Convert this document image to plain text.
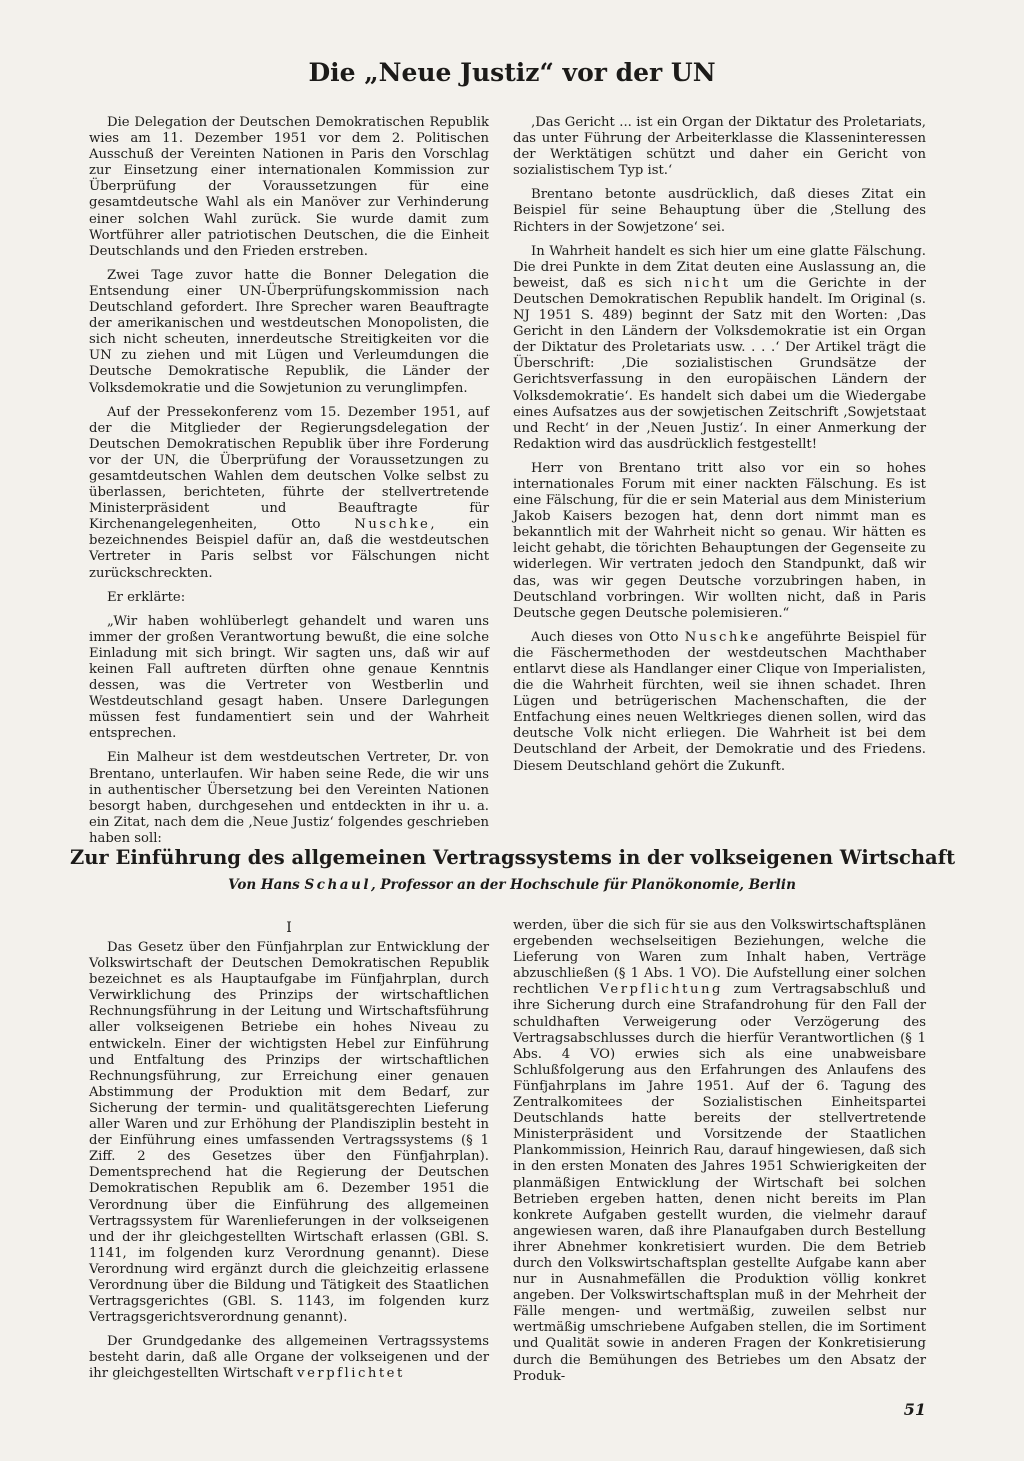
Die „Neue Justiz“ vor der UN

Die Delegation der Deutschen Demokratischen Republik wies am 11. Dezember 1951 vor dem 2. Politischen Ausschuß der Vereinten Nationen in Paris den Vorschlag zur Einsetzung einer internationalen Kommission zur Überprüfung der Voraussetzungen für eine gesamtdeutsche Wahl als ein Manöver zur Verhinderung einer solchen Wahl zurück. Sie wurde damit zum Wortführer aller patriotischen Deutschen, die die Einheit Deutschlands und den Frieden erstreben.

Zwei Tage zuvor hatte die Bonner Delegation die Entsendung einer UN-Überprüfungskommission nach Deutschland gefordert. Ihre Sprecher waren Beauftragte der amerikanischen und westdeutschen Monopolisten, die sich nicht scheuten, innerdeutsche Streitigkeiten vor die UN zu ziehen und mit Lügen und Verleumdungen die Deutsche Demokratische Republik, die Länder der Volksdemokratie und die Sowjetunion zu verunglimpfen.

Auf der Pressekonferenz vom 15. Dezember 1951, auf der die Mitglieder der Regierungsdelegation der Deutschen Demokratischen Republik über ihre Forderung vor der UN, die Überprüfung der Voraussetzungen zu gesamtdeutschen Wahlen dem deutschen Volke selbst zu überlassen, berichteten, führte der stellvertretende Ministerpräsident und Beauftragte für Kirchenangelegenheiten, Otto	Nuschke, ein bezeichnendes Beispiel dafür an, daß die westdeutschen Vertreter in Paris selbst vor Fälschungen nicht zurückschreckten.

Er erklärte:

„Wir haben wohlüberlegt gehandelt und waren uns immer der großen Verantwortung bewußt, die eine solche Einladung mit sich bringt. Wir sagten uns, daß wir auf keinen Fall auftreten dürften ohne genaue Kenntnis dessen, was die Vertreter von Westberlin und Westdeutschland gesagt haben. Unsere Darlegungen müssen fest fundamentiert sein und der Wahrheit entsprechen.

Ein Malheur ist dem westdeutschen Vertreter, Dr. von Brentano, unterlaufen. Wir haben seine Rede, die wir uns in authentischer Übersetzung bei den Vereinten Nationen besorgt haben, durchgesehen und entdeckten in ihr u. a. ein Zitat, nach dem die ‚Neue Justiz‘ folgendes geschrieben haben soll:

‚Das Gericht ... ist ein Organ der Diktatur des Proletariats, das unter Führung der Arbeiterklasse die Klasseninteressen der Werktätigen schützt und daher ein Gericht von sozialistischem Typ ist.‘

Brentano betonte ausdrücklich, daß dieses Zitat ein Beispiel für seine Behauptung über die ‚Stellung des Richters in der Sowjetzone‘ sei.

In Wahrheit handelt es sich hier um eine glatte Fälschung. Die drei Punkte in dem Zitat deuten eine Auslassung an, die beweist, daß es sich nicht um die Gerichte in der Deutschen Demokratischen Republik handelt. Im Original (s. NJ 1951 S. 489) beginnt der Satz mit den Worten: ‚Das Gericht in den Ländern der Volksdemokratie ist ein Organ der Diktatur des Proletariats usw. . . .‘ Der Artikel trägt die Überschrift: ‚Die sozialistischen Grundsätze der Gerichtsverfassung in den europäischen Ländern der Volksdemokratie‘. Es handelt sich dabei um die Wiedergabe eines Aufsatzes aus der sowjetischen Zeitschrift ‚Sowjetstaat und Recht‘ in der ‚Neuen Justiz‘. In einer Anmerkung der Redaktion wird das ausdrücklich festgestellt!

Herr von Brentano tritt also vor ein so hohes internationales Forum mit einer nackten Fälschung. Es ist eine Fälschung, für die er sein Material aus dem Ministerium Jakob Kaisers bezogen hat, denn dort nimmt man es bekanntlich mit der Wahrheit nicht so genau. Wir hätten es leicht gehabt, die törichten Behauptungen der Gegenseite zu widerlegen. Wir vertraten jedoch den Standpunkt, daß wir das, was wir gegen Deutsche vorzubringen haben, in Deutschland vorbringen. Wir wollten nicht, daß in Paris Deutsche gegen Deutsche polemisieren.“

Auch dieses von Otto Nuschke angeführte Beispiel für die Fäschermethoden der westdeutschen Machthaber entlarvt diese als Handlanger einer Clique von Imperialisten, die die Wahrheit fürchten, weil sie ihnen schadet. Ihren Lügen und betrügerischen Machenschaften, die der Entfachung eines neuen Weltkrieges dienen sollen, wird das deutsche Volk nicht erliegen. Die Wahrheit ist bei dem Deutschland der Arbeit, der Demokratie und des Friedens. Diesem Deutschland gehört die Zukunft.

Zur Einführung des allgemeinen Vertragssystems in der volkseigenen Wirtschaft

Von Hans Schaul, Professor an der Hochschule für Planökonomie, Berlin

I

Das Gesetz über den Fünfjahrplan zur Entwicklung der Volkswirtschaft der Deutschen Demokratischen Republik bezeichnet es als Hauptaufgabe im Fünfjahrplan, durch Verwirklichung des Prinzips der wirtschaftlichen Rechnungsführung in der Leitung und Wirtschaftsführung aller volkseigenen Betriebe ein hohes Niveau zu entwickeln. Einer der wichtigsten Hebel zur Einführung und Entfaltung des Prinzips der wirtschaftlichen Rechnungsführung, zur Erreichung einer genauen Abstimmung der Produktion mit dem Bedarf, zur Sicherung der termin- und qualitätsgerechten Lieferung aller Waren und zur Erhöhung der Plandisziplin besteht in der Einführung eines umfassenden Vertragssystems (§ 1 Ziff. 2 des Gesetzes über den Fünfjahrplan). Dementsprechend hat die Regierung der Deutschen Demokratischen Republik am 6. Dezember 1951 die Verordnung über die Einführung des allgemeinen Vertragssystem für Warenlieferungen in der volkseigenen und der ihr gleichgestellten Wirtschaft erlassen (GBl. S. 1141, im folgenden kurz Verordnung genannt). Diese Verordnung wird ergänzt durch die gleichzeitig erlassene Verordnung über die Bildung und Tätigkeit des Staatlichen Vertragsgerichtes (GBl. S. 1143, im folgenden kurz Vertragsgerichtsverordnung genannt).

Der Grundgedanke des allgemeinen Vertragssystems besteht darin, daß alle Organe der volkseigenen und der ihr gleichgestellten Wirtschaft verpflichtet

werden, über die sich für sie aus den Volkswirtschaftsplänen ergebenden wechselseitigen Beziehungen, welche die Lieferung von Waren zum Inhalt haben, Verträge abzuschließen (§ 1 Abs. 1 VO). Die Aufstellung einer solchen rechtlichen Verpflichtung zum Vertragsabschluß und ihre Sicherung durch eine Strafandrohung für den Fall der schuldhaften Verweigerung oder Verzögerung des Vertragsabschlusses durch die hierfür Verantwortlichen (§ 1 Abs. 4 VO) erwies sich als eine unabweisbare Schlußfolgerung aus den Erfahrungen des Anlaufens des Fünfjahrplans im Jahre 1951. Auf der 6. Tagung des Zentralkomitees der Sozialistischen Einheitspartei Deutschlands hatte bereits der stellvertretende Ministerpräsident und Vorsitzende der Staatlichen Plankommission, Heinrich Rau, darauf hingewiesen, daß sich in den ersten Monaten des Jahres 1951 Schwierigkeiten der planmäßigen Entwicklung der Wirtschaft bei solchen Betrieben ergeben hatten, denen nicht bereits im Plan konkrete Aufgaben gestellt wurden, die vielmehr darauf angewiesen waren, daß ihre Planaufgaben durch Bestellung ihrer Abnehmer konkretisiert wurden. Die dem Betrieb durch den Volkswirtschaftsplan gestellte Aufgabe kann aber nur in Ausnahmefällen die Produktion völlig konkret angeben. Der Volkswirtschaftsplan muß in der Mehrheit der Fälle mengen- und wertmäßig, zuweilen selbst nur wertmäßig umschriebene Aufgaben stellen, die im Sortiment und Qualität sowie in anderen Fragen der Konkretisierung durch die Bemühungen des Betriebes um den Absatz der Produk-

51
